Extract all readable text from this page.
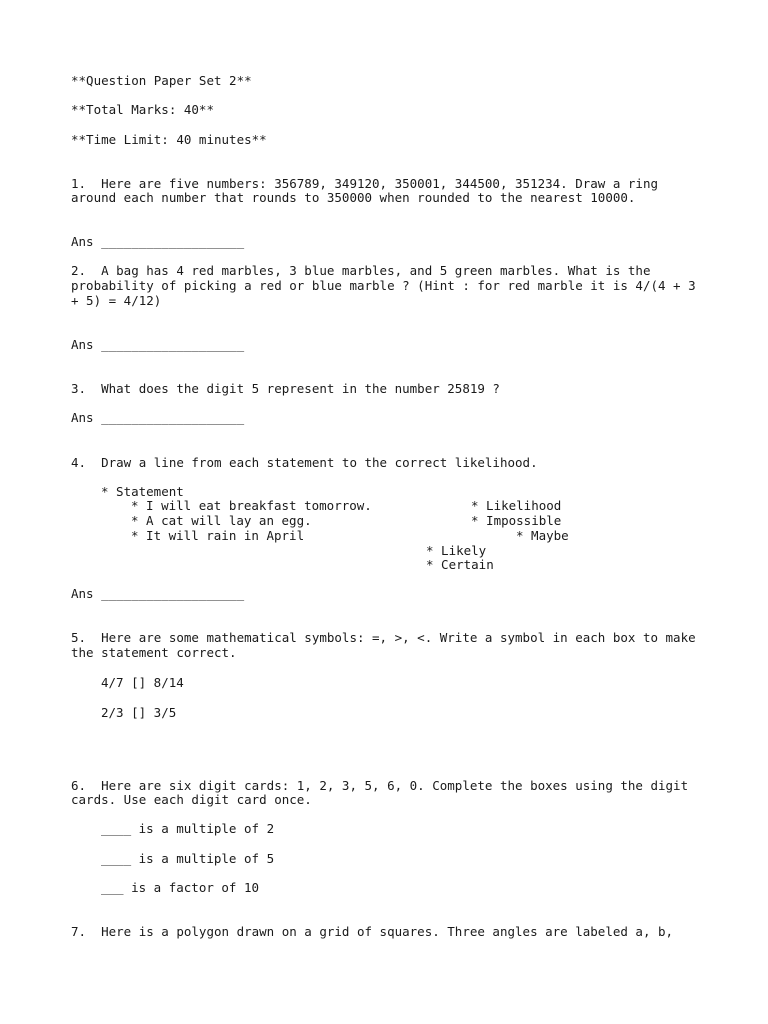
**Question Paper Set 2**
**Total Marks: 40**
**Time Limit: 40 minutes**
1.  Here are five numbers: 356789, 349120, 350001, 344500, 351234. Draw a ring
around each number that rounds to 350000 when rounded to the nearest 10000.
Ans ___________________
2.  A bag has 4 red marbles, 3 blue marbles, and 5 green marbles. What is the
probability of picking a red or blue marble ? (Hint : for red marble it is 4/(4 + 3
+ 5) = 4/12)
Ans ___________________
3.  What does the digit 5 represent in the number 25819 ?
Ans ___________________
4.  Draw a line from each statement to the correct likelihood.
* Statement
* I will eat breakfast tomorrow.
* A cat will lay an egg.
* It will rain in April
* Likelihood
* Impossible
* Maybe
* Likely
* Certain
Ans ___________________
5.  Here are some mathematical symbols: =, >, <. Write a symbol in each box to make
the statement correct.
4/7 [] 8/14
2/3 [] 3/5
6.  Here are six digit cards: 1, 2, 3, 5, 6, 0. Complete the boxes using the digit
cards. Use each digit card once.
____ is a multiple of 2
____ is a multiple of 5
___ is a factor of 10
7.  Here is a polygon drawn on a grid of squares. Three angles are labeled a, b,
